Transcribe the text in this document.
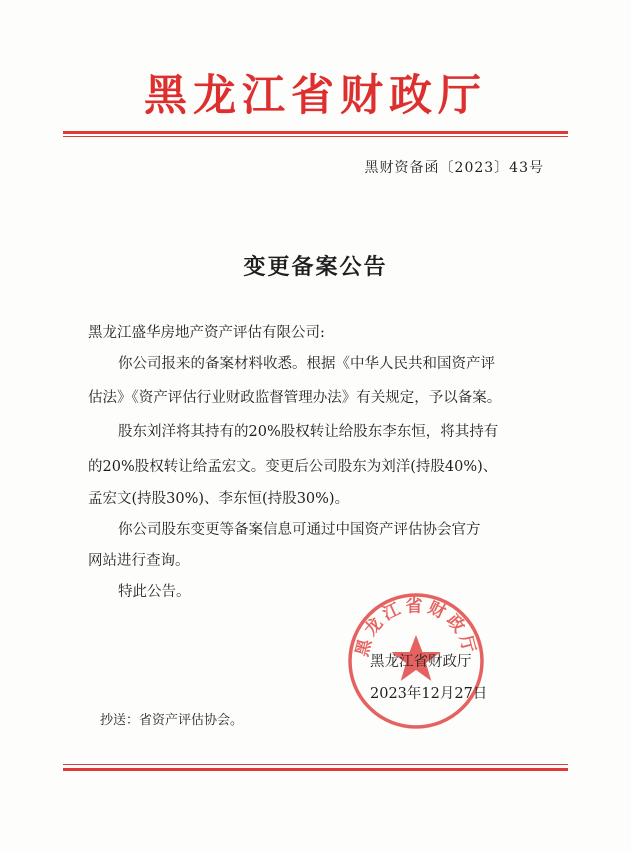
黑龙江省财政厅
黑财资备函〔2023〕43号
变更备案公告
黑龙江盛华房地产资产评估有限公司:
你公司报来的备案材料收悉。根据《中华人民共和国资产评
估法》《资产评估行业财政监督管理办法》有关规定，予以备案。
股东刘洋将其持有的20%股权转让给股东李东恒，将其持有
的20%股权转让给孟宏文。变更后公司股东为刘洋(持股40%)、
孟宏文(持股30%)、李东恒(持股30%)。
你公司股东变更等备案信息可通过中国资产评估协会官方
网站进行查询。
特此公告。
黑龙江省财政厅
黑龙江省财政厅
2023年12月27日
抄送：省资产评估协会。
